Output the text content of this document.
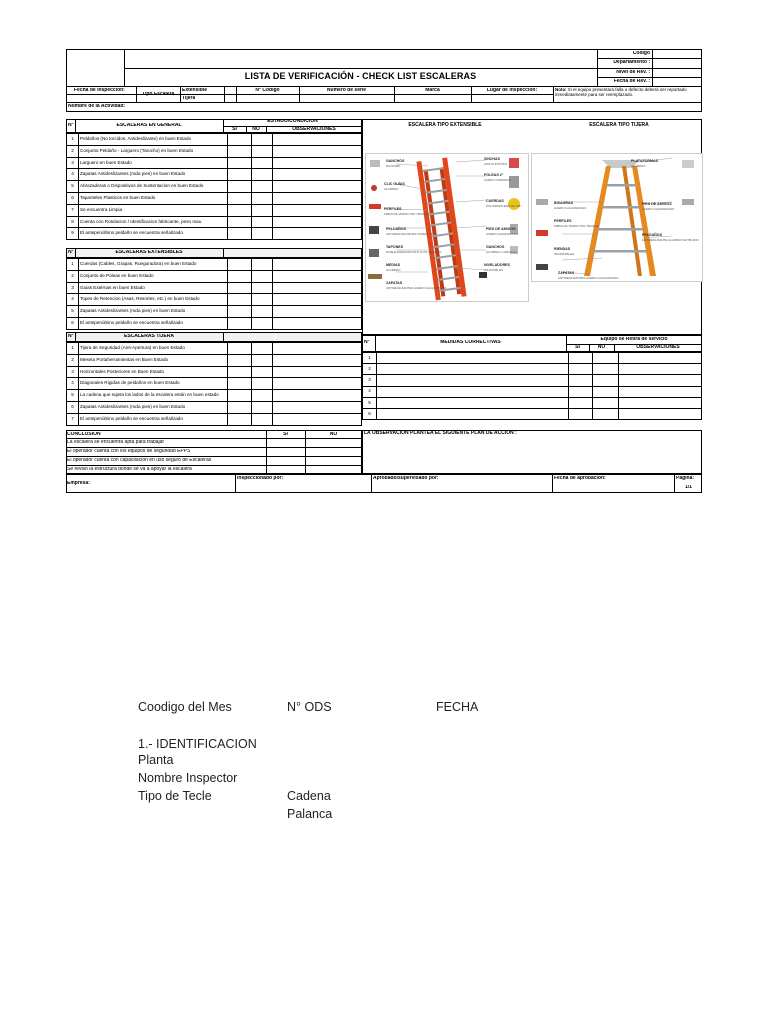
Código
Departamento :
Nivel de Rev. :
Fecha de Rev. :
LISTA DE VERIFICACIÓN - CHECK LIST ESCALERAS
Fecha de Inspección:
Tipo Escalera
Extensible
Tijera
N° Código	Número de serie	Marca	Lugar de Inspección:	Nota: Si el equipo presentara falla o defecto deberá ser reportado inmediatamente para ser reemplazado.
Nombre de la Actividad:
N°	ESCALERAS EN GENERAL
ESTADO/CONDICION
SI	NO	OBSERVACIONES
1	Peldaños (No torcidos, Antideslizante) en buen Estado			
2	Conjunto Peldaño - Larguero (Tarucho) en buen Estado			
3	Larguero en buen Estado			
4	Zapatas Antideslizantes (roda pies) en buen Estado			
5	Abrazaderas o Dispositivos de Sustentacion en buen Estado			
6	Tapanteles Plasticos en buen Estado			
7	Se encuentra Limpia			
8	Cuenta con Rotulacion / Identificacion fabricante, peso max.			
9	El antepenúltimo peldaño se encuentra señalizado			
N°	ESCALERAS EXTENSIBLES
1	Cuerdas (Cables, Grapas, Rueguradora) en buen Estado			
2	Conjunto de Poleas en buen Estado			
3	Guias Externas en buen Estado			
4	Topes de Retencion (Asas, Resortes, etc.) en buen Estado			
5	Zapatas Antideslizantes (roda pies) en buen Estado			
6	El antepenúltimo peldaño se encuentra señalizado			
N°	ESCALERAS TIJERA
1	Tijera de Seguridad (Anti-Apertura) en buen Estado			
2	Meseta Portaherramientas en Buen Estado			
3	Horizontales Posteriores en Buen Estado			
4	Diagonales Rígidas de peldaños en buen Estado			
5	La cadena que sujeta los lados de la escalera están en buen estado			
6	Zapatas Antideslizantes (roda pies) en buen Estado			
7	El antepenúltimo peldaño se encuentra señalizado			
ESCALERA TIPO EXTENSIBLE	ESCALERA TIPO TIJERA
GANCHOS
RAYFORD
ZINCHAS
APOYA POSTES
POLEAS 2"
ACERO CROMADO
CLIC GUÍAS
ALUMINIO
CUERDAS
POLIPROPILENO DE 3/8"
PERFILES
FIBRA DE VIDRIO PRL TRUEGE
PELDAÑOS
ANTIDESLIZANTE EN FORMA "D"
PIES DE AMIGOS
ACERO GALVANIZADO
TAPONES
DOBLE ESPESOR ANTI ALTO IMPACTO
GANCHOS
ALUMINIO LAMINADO
MEDIAS
ALUMINIO
NIVELADORES
AJUSTABLES
ZAPATAS
ANTIDESLIZANTES ACERO GALVANIZADO
PLATAFORMAS
ALUMINIO
BISAGRAS
ACERO GALVANIZADO
PIES DE AMIGOS
ACERO GALVANIZADO
PERFILES
FIBRA DE VIDRIO PRL TRUEGE
PELDAÑOS
ANTIDESLIZANTE ALUMINIO EXTRUIDO
RIENDAS
INOXIDABLES
ZAPATAS
ANTIDESLIZANTES ACERO GALVANIZADO
N°	MEDIDAS CORRECTIVAS	Equipo se Retira de servicio
SI	NO	OBSERVACIONES
1				
2				
3				
4				
5				
6				
CONCLUSION	SI	NO
La escalera se encuentra apta para trabajar
El operador cuenta con los equipos de seguridad EPPS
El operador cuenta con capacitación en uso seguro de Escaleras
Se reviso la estructura donde se va a apoyar la escalera
LA OBSERVACIÓN PLANTEA EL SIGUIENTE PLAN DE ACCION :
Empresa:
Inspeccionado por:	Aprobado/supervisado por:	Fecha de aprobación:	Página:
1/1
Coodigo del Mes	N° ODS	FECHA
1.- IDENTIFICACION
Planta
Nombre Inspector
Tipo de Tecle	Cadena
Palanca
